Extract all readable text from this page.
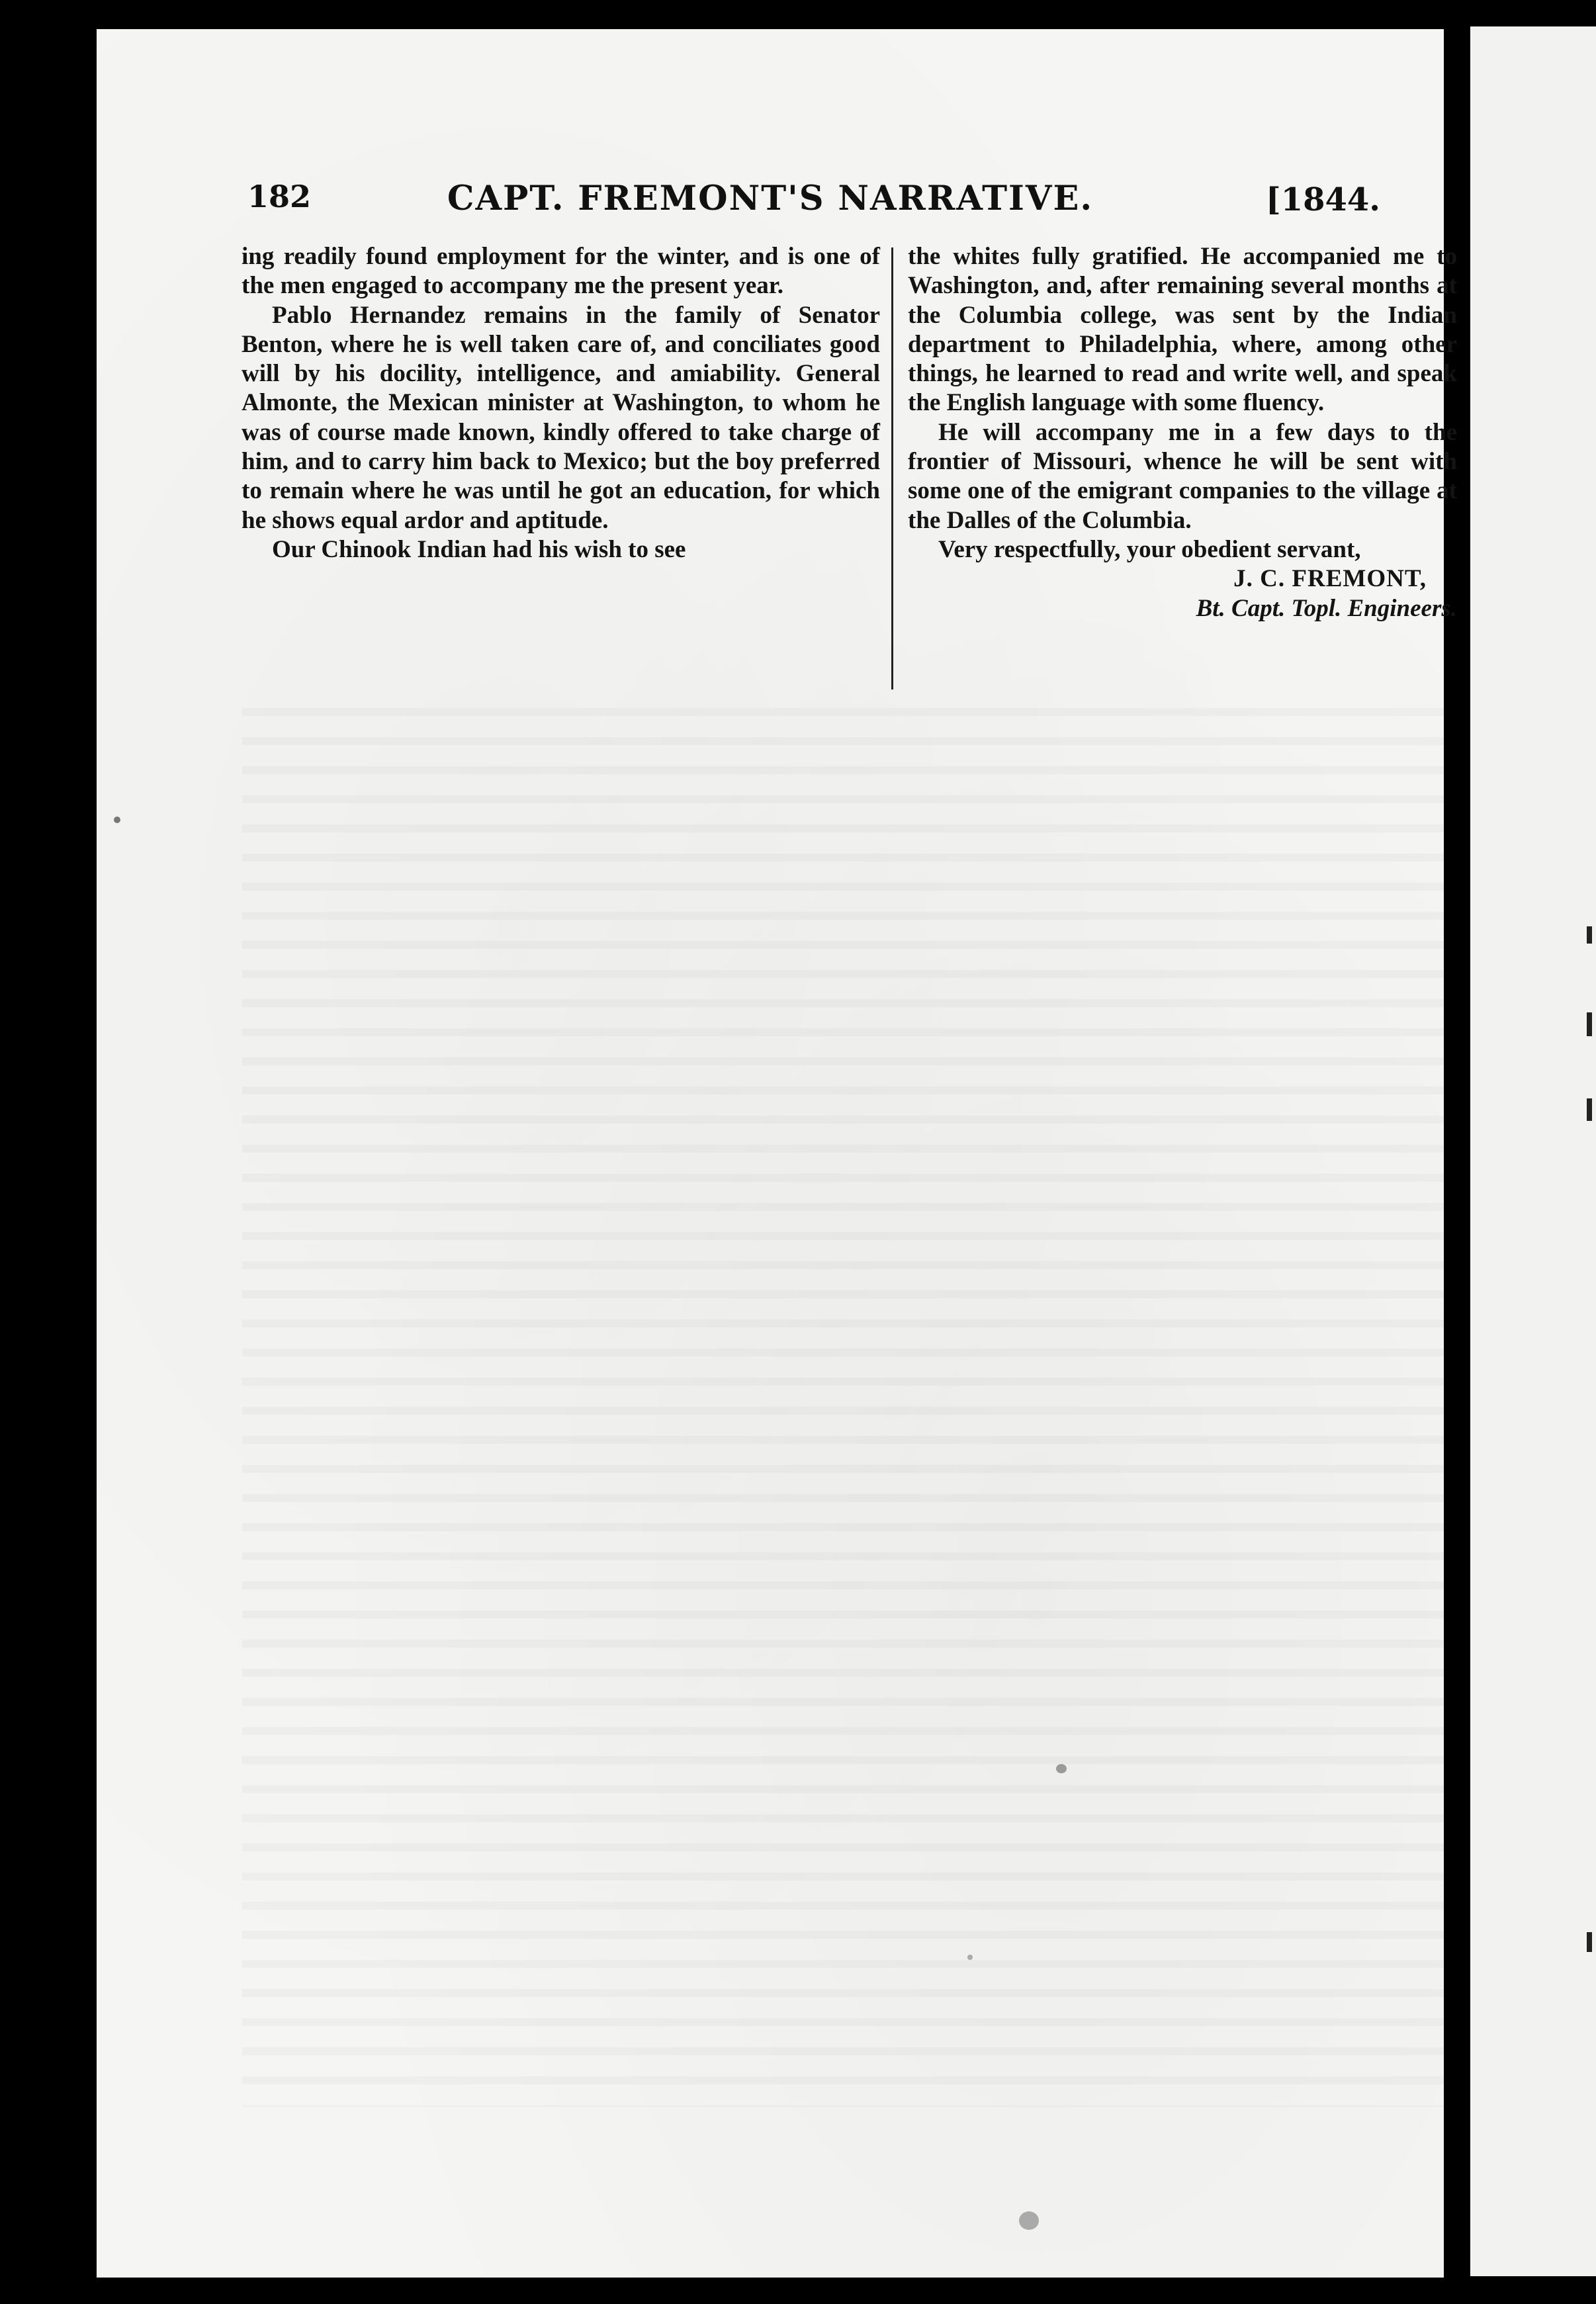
182	CAPT. FREMONT'S NARRATIVE.	[1844.

ing readily found employment for the winter, and is one of the men engaged to accompany me the present year.

Pablo Hernandez remains in the family of Senator Benton, where he is well taken care of, and conciliates good will by his docility, intelligence, and amiability. General Almonte, the Mexican minister at Washington, to whom he was of course made known, kindly offered to take charge of him, and to carry him back to Mexico; but the boy preferred to remain where he was until he got an education, for which he shows equal ardor and aptitude.

Our Chinook Indian had his wish to see

the whites fully gratified. He accompanied me to Washington, and, after remaining several months at the Columbia college, was sent by the Indian department to Philadelphia, where, among other things, he learned to read and write well, and speak the English language with some fluency.

He will accompany me in a few days to the frontier of Missouri, whence he will be sent with some one of the emigrant companies to the village at the Dalles of the Columbia.

Very respectfully, your obedient servant,

J. C. FREMONT,
Bt. Capt. Topl. Engineers.
